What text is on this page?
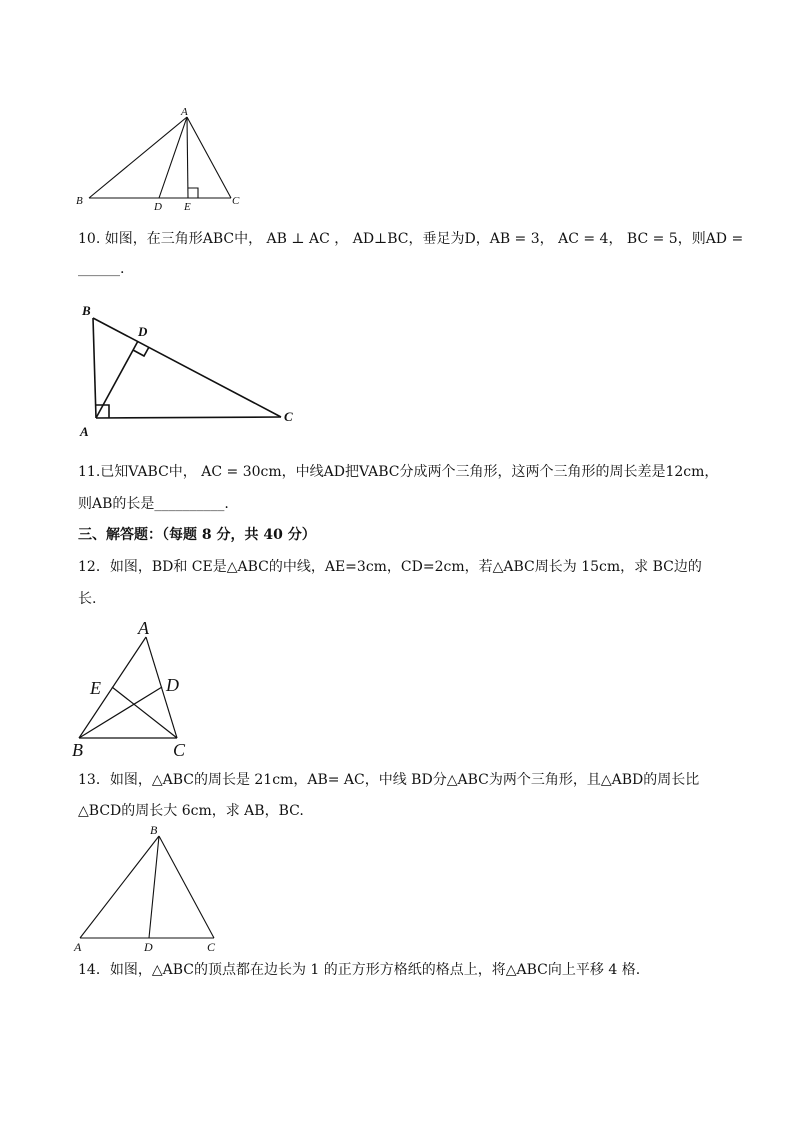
A
B	C
D E
10. 如图，在三角形ABC中， AB ⊥ AC ， AD⊥BC，垂足为D，AB = 3， AC = 4， BC = 5，则AD =
______.
B
D
A
C
11.已知VABC中， AC = 30cm，中线AD把VABC分成两个三角形，这两个三角形的周长差是12cm，
则AB的长是__________.
三、解答题：（每题 8 分，共 40 分）
12．如图，BD和 CE是△ABC的中线，AE=3cm，CD=2cm，若△ABC周长为 15cm，求 BC边的
长.
A
E	D
B	C
13．如图，△ABC的周长是 21cm，AB= AC，中线 BD分△ABC为两个三角形，且△ABD的周长比
△BCD的周长大 6cm，求 AB，BC.
B
A	D	C
14．如图，△ABC的顶点都在边长为 1 的正方形方格纸的格点上，将△ABC向上平移 4 格.
